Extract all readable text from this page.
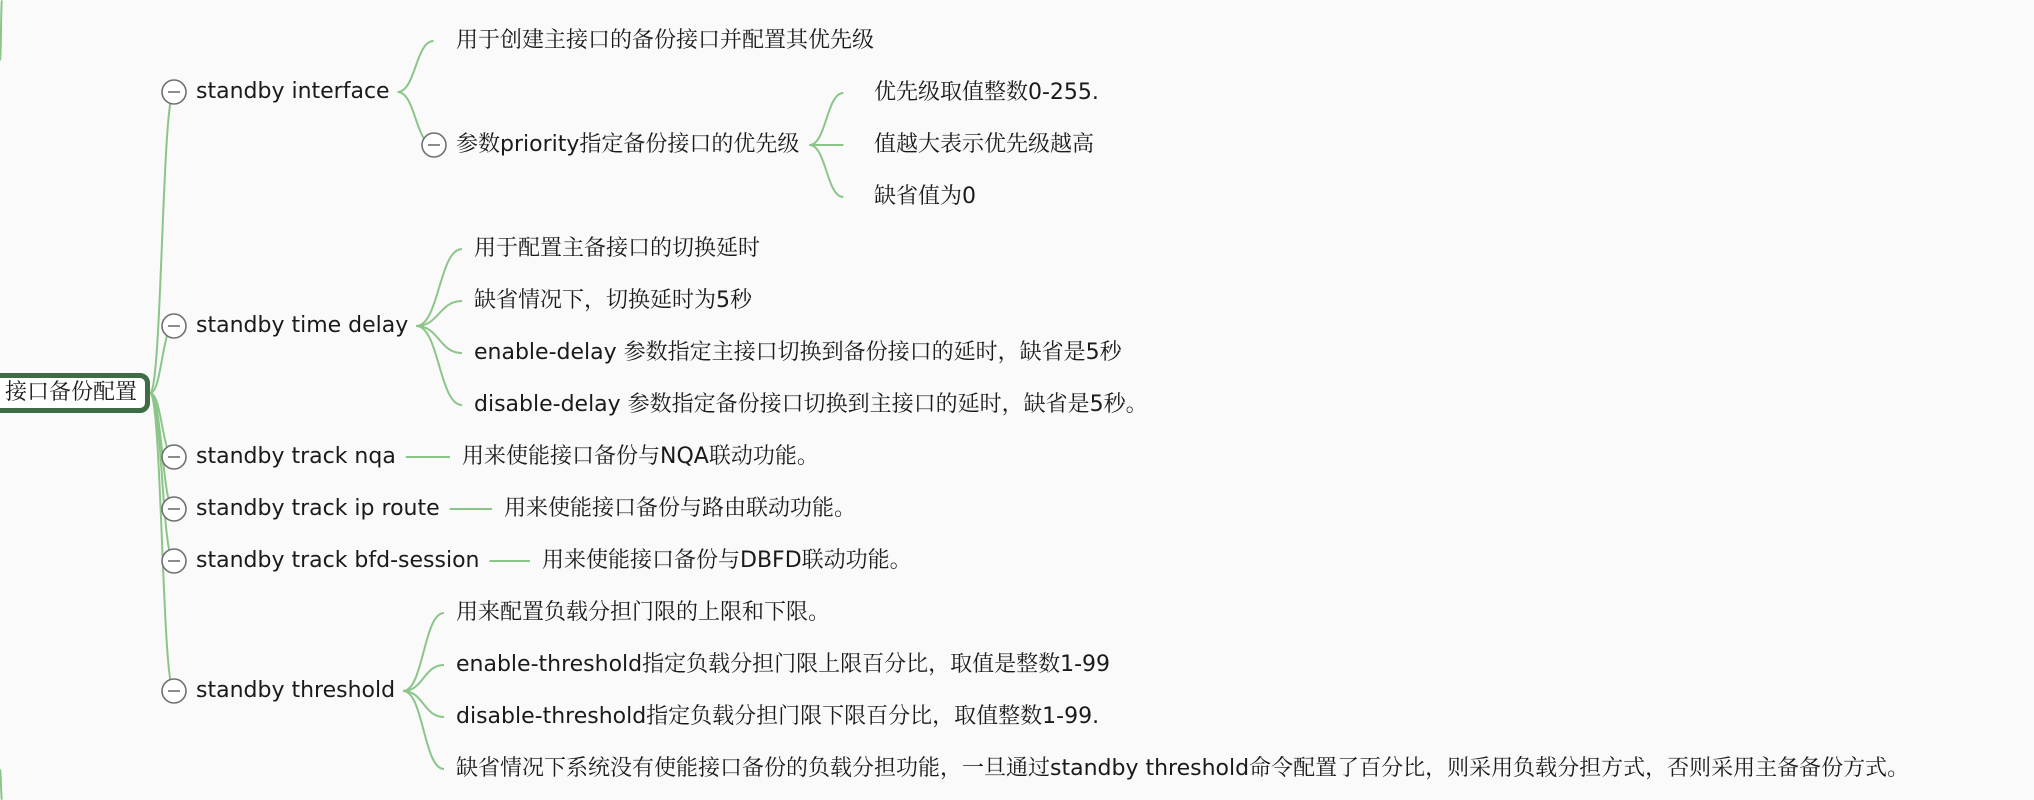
接口备份配置
standby interface
standby time delay
standby track nqa
standby track ip route
standby track bfd-session
standby threshold
用于创建主接口的备份接口并配置其优先级
参数priority指定备份接口的优先级
优先级取值整数0-255.
值越大表示优先级越高
缺省值为0
用于配置主备接口的切换延时
缺省情况下，切换延时为5秒
enable-delay 参数指定主接口切换到备份接口的延时，缺省是5秒
disable-delay 参数指定备份接口切换到主接口的延时，缺省是5秒。
用来使能接口备份与NQA联动功能。
用来使能接口备份与路由联动功能。
用来使能接口备份与DBFD联动功能。
用来配置负载分担门限的上限和下限。
enable-threshold指定负载分担门限上限百分比，取值是整数1-99
disable-threshold指定负载分担门限下限百分比，取值整数1-99.
缺省情况下系统没有使能接口备份的负载分担功能，一旦通过standby threshold命令配置了百分比，则采用负载分担方式，否则采用主备备份方式。
